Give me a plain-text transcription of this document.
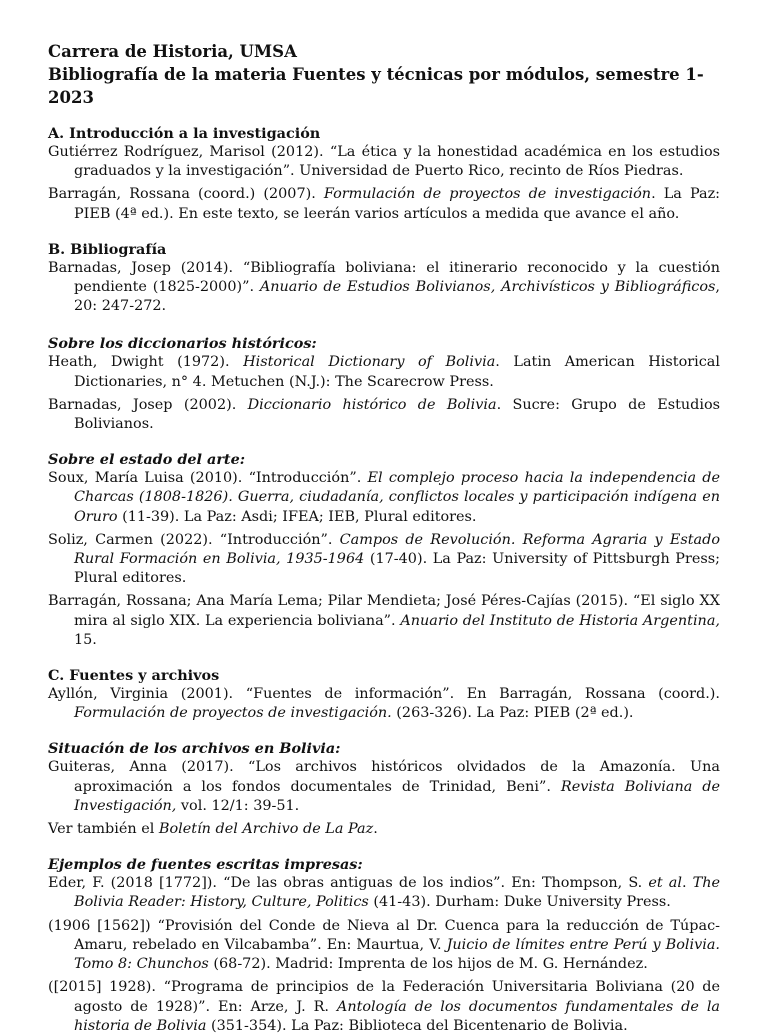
Carrera de Historia, UMSA

Bibliografía de la materia Fuentes y técnicas por módulos, semestre 1-2023

A. Introducción a la investigación

Gutiérrez Rodríguez, Marisol (2012). “La ética y la honestidad académica en los estudios graduados y la investigación”. Universidad de Puerto Rico, recinto de Ríos Piedras.

Barragán, Rossana (coord.) (2007). Formulación de proyectos de investigación. La Paz: PIEB (4ª ed.). En este texto, se leerán varios artículos a medida que avance el año.

B. Bibliografía

Barnadas, Josep (2014). “Bibliografía boliviana: el itinerario reconocido y la cuestión pendiente (1825-2000)”. Anuario de Estudios Bolivianos, Archivísticos y Bibliográficos, 20: 247-272.

Sobre los diccionarios históricos:

Heath, Dwight (1972). Historical Dictionary of Bolivia. Latin American Historical Dictionaries, n° 4. Metuchen (N.J.): The Scarecrow Press.

Barnadas, Josep (2002). Diccionario histórico de Bolivia. Sucre: Grupo de Estudios Bolivianos.

Sobre el estado del arte:

Soux, María Luisa (2010). “Introducción”. El complejo proceso hacia la independencia de Charcas (1808-1826). Guerra, ciudadanía, conflictos locales y participación indígena en Oruro (11-39). La Paz: Asdi; IFEA; IEB, Plural editores.

Soliz, Carmen (2022). “Introducción”. Campos de Revolución. Reforma Agraria y Estado Rural Formación en Bolivia, 1935-1964 (17-40). La Paz: University of Pittsburgh Press; Plural editores.

Barragán, Rossana; Ana María Lema; Pilar Mendieta; José Péres-Cajías (2015). “El siglo XX mira al siglo XIX. La experiencia boliviana”. Anuario del Instituto de Historia Argentina, 15.

C. Fuentes y archivos

Ayllón, Virginia (2001). “Fuentes de información”. En Barragán, Rossana (coord.). Formulación de proyectos de investigación. (263-326). La Paz: PIEB (2ª ed.).

Situación de los archivos en Bolivia:

Guiteras, Anna (2017). “Los archivos históricos olvidados de la Amazonía. Una aproximación a los fondos documentales de Trinidad, Beni”. Revista Boliviana de Investigación, vol. 12/1: 39-51.

Ver también el Boletín del Archivo de La Paz.

Ejemplos de fuentes escritas impresas:

Eder, F. (2018 [1772]). “De las obras antiguas de los indios”. En: Thompson, S. et al. The Bolivia Reader: History, Culture, Politics (41-43). Durham: Duke University Press.

(1906 [1562]) “Provisión del Conde de Nieva al Dr. Cuenca para la reducción de Túpac-Amaru, rebelado en Vilcabamba”. En: Maurtua, V. Juicio de límites entre Perú y Bolivia. Tomo 8: Chunchos (68-72). Madrid: Imprenta de los hijos de M. G. Hernández.

([2015] 1928). “Programa de principios de la Federación Universitaria Boliviana (20 de agosto de 1928)”. En: Arze, J. R. Antología de los documentos fundamentales de la historia de Bolivia (351-354). La Paz: Biblioteca del Bicentenario de Bolivia.
